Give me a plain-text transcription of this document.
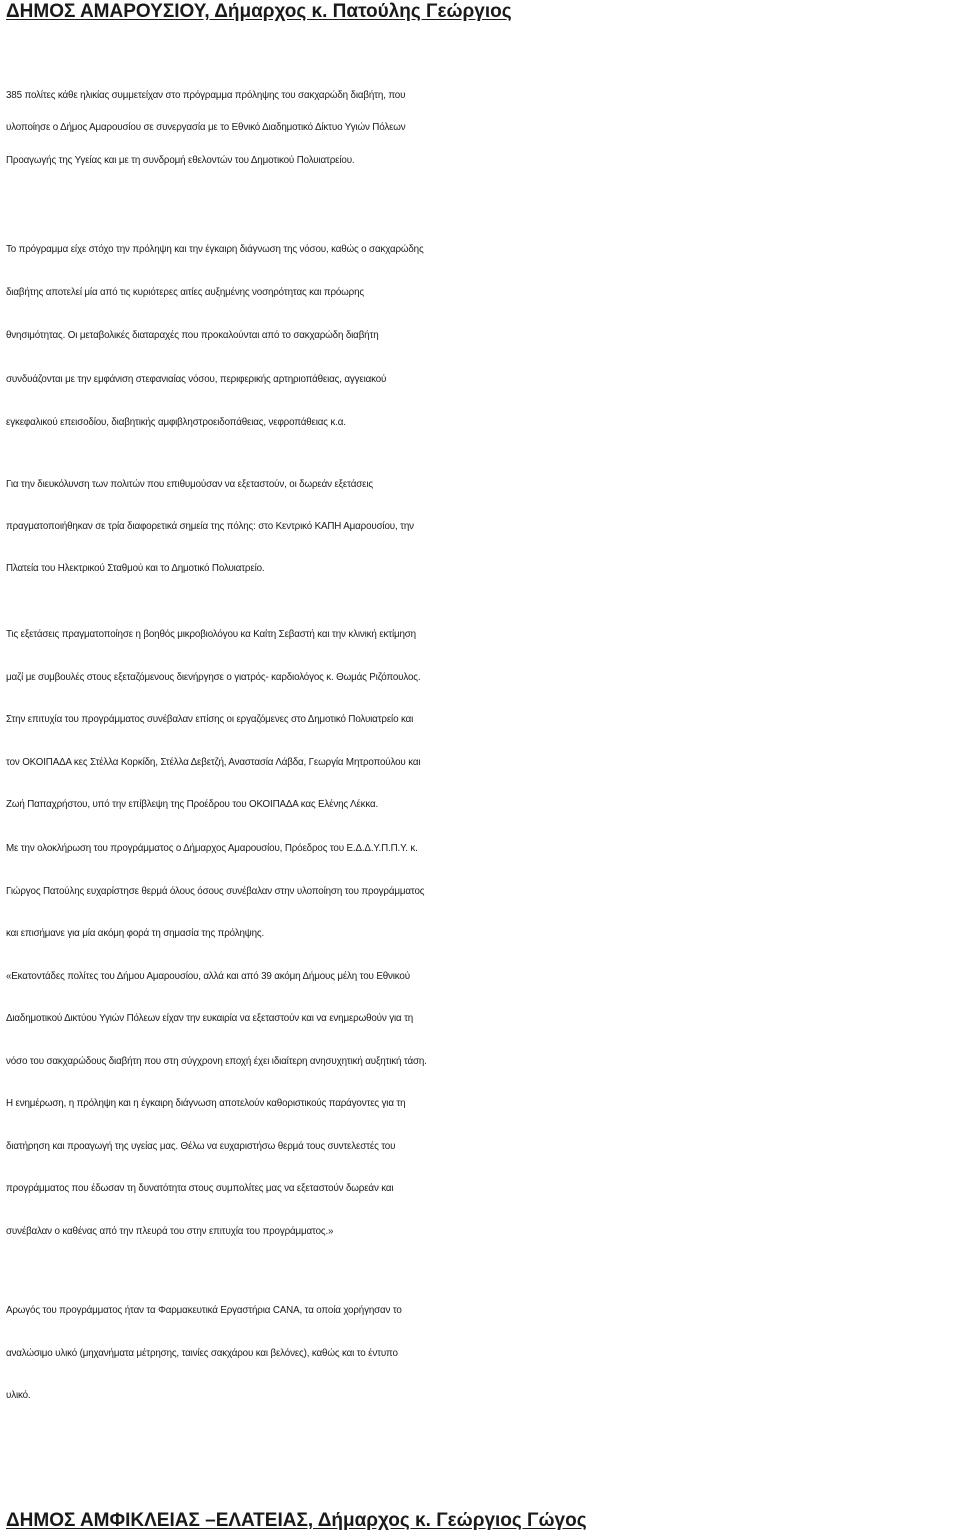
ΔΗΜΟΣ ΑΜΑΡΟΥΣΙΟΥ, Δήμαρχος κ. Πατούλης Γεώργιος
385 πολίτες κάθε ηλικίας συμμετείχαν στο πρόγραμμα πρόληψης του σακχαρώδη διαβήτη, που
υλοποίησε ο Δήμος Αμαρουσίου σε συνεργασία με το Εθνικό Διαδημοτικό Δίκτυο Υγιών Πόλεων
Προαγωγής της Υγείας και με τη συνδρομή εθελοντών του Δημοτικού Πολυιατρείου.
Το πρόγραμμα είχε στόχο την πρόληψη και την έγκαιρη διάγνωση της νόσου, καθώς ο σακχαρώδης
διαβήτης αποτελεί μία από τις κυριότερες αιτίες αυξημένης νοσηρότητας και πρόωρης
θνησιμότητας. Οι μεταβολικές διαταραχές που προκαλούνται από το σακχαρώδη διαβήτη
συνδυάζονται με την εμφάνιση στεφανιαίας νόσου, περιφερικής αρτηριοπάθειας, αγγειακού
εγκεφαλικού επεισοδίου, διαβητικής αμφιβληστροειδοπάθειας, νεφροπάθειας κ.α.
Για την διευκόλυνση των πολιτών που επιθυμούσαν να εξεταστούν, οι δωρεάν εξετάσεις
πραγματοποιήθηκαν σε τρία διαφορετικά σημεία της πόλης: στο Κεντρικό ΚΑΠΗ Αμαρουσίου, την
Πλατεία του Ηλεκτρικού Σταθμού και το Δημοτικό Πολυιατρείο.
Τις εξετάσεις πραγματοποίησε η βοηθός μικροβιολόγου κα Καίτη Σεβαστή και την κλινική εκτίμηση
μαζί με συμβουλές στους εξεταζόμενους διενήργησε ο γιατρός- καρδιολόγος κ. Θωμάς Ριζόπουλος.
Στην επιτυχία του προγράμματος συνέβαλαν επίσης οι εργαζόμενες στο Δημοτικό Πολυιατρείο και
τον ΟΚΟΙΠΑΔΑ κες Στέλλα Κορκίδη, Στέλλα Δεβετζή, Αναστασία Λάβδα, Γεωργία Μητροπούλου και
Ζωή Παπαχρήστου, υπό την επίβλεψη της Προέδρου του ΟΚΟΙΠΑΔΑ κας Ελένης Λέκκα.
Με την ολοκλήρωση του προγράμματος ο Δήμαρχος Αμαρουσίου, Πρόεδρος του Ε.Δ.Δ.Υ.Π.Π.Υ. κ.
Γιώργος Πατούλης ευχαρίστησε θερμά όλους όσους συνέβαλαν στην υλοποίηση του προγράμματος
και επισήμανε για μία ακόμη φορά τη σημασία της πρόληψης.
«Εκατοντάδες πολίτες του Δήμου Αμαρουσίου, αλλά και από 39 ακόμη Δήμους μέλη του Εθνικού
Διαδημοτικού Δικτύου Υγιών Πόλεων είχαν την ευκαιρία να εξεταστούν και να ενημερωθούν για τη
νόσο του σακχαρώδους διαβήτη που στη σύγχρονη εποχή έχει ιδιαίτερη ανησυχητική αυξητική τάση.
Η ενημέρωση, η πρόληψη και η έγκαιρη διάγνωση αποτελούν καθοριστικούς παράγοντες για τη
διατήρηση και προαγωγή της υγείας μας. Θέλω να ευχαριστήσω θερμά τους συντελεστές του
προγράμματος που έδωσαν τη δυνατότητα στους συμπολίτες μας να εξεταστούν δωρεάν και
συνέβαλαν ο καθένας από την πλευρά του στην επιτυχία του προγράμματος.»
Αρωγός του προγράμματος ήταν τα Φαρμακευτικά Εργαστήρια CANA, τα οποία χορήγησαν το
αναλώσιμο υλικό (μηχανήματα μέτρησης, ταινίες σακχάρου και βελόνες), καθώς και το έντυπο
υλικό.
ΔΗΜΟΣ ΑΜΦΙΚΛΕΙΑΣ –ΕΛΑΤΕΙΑΣ, Δήμαρχος κ. Γεώργιος Γώγος
